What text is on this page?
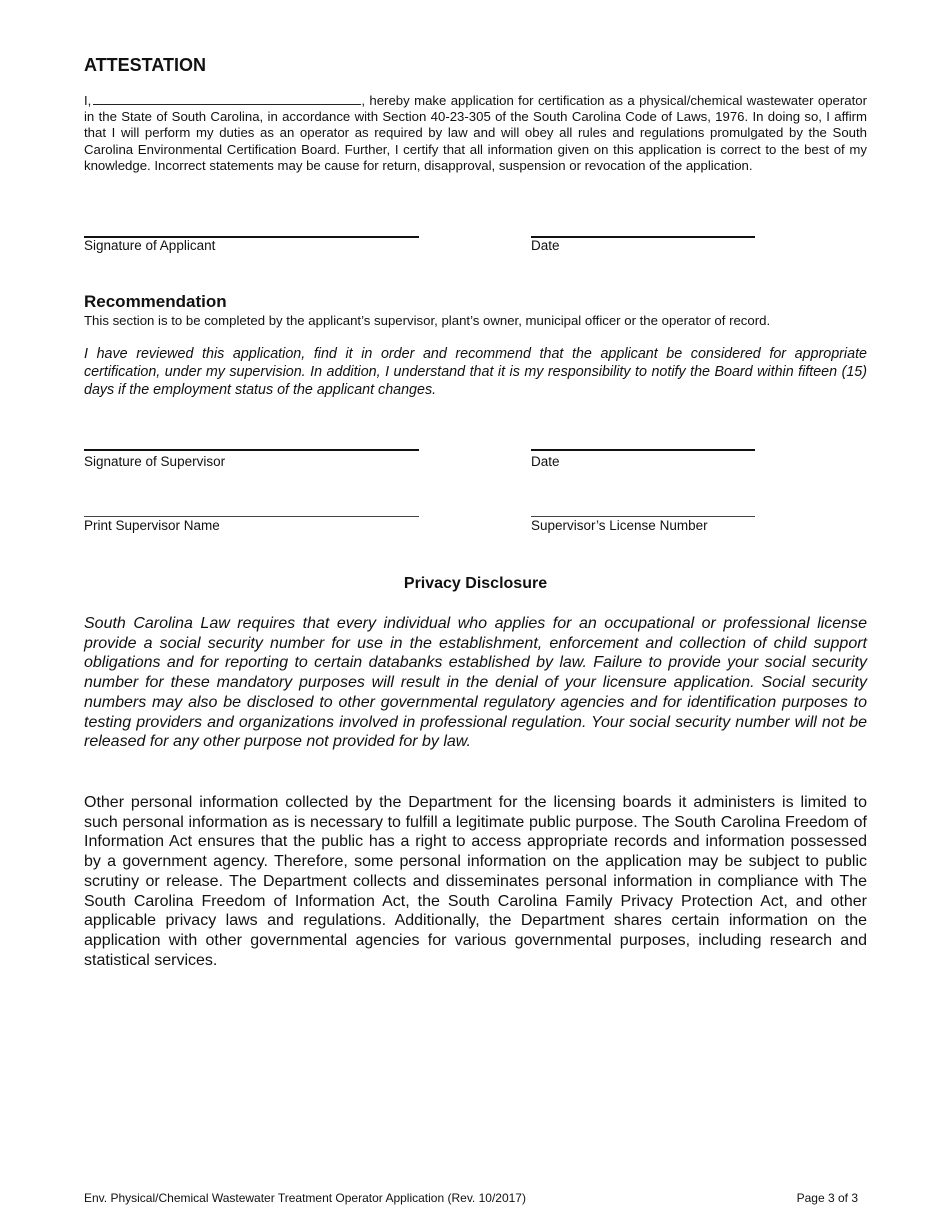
ATTESTATION

I,	, hereby make application for certification as a physical/chemical wastewater operator in the State of South Carolina, in accordance with Section 40-23-305 of the South Carolina Code of Laws, 1976. In doing so, I affirm that I will perform my duties as an operator as required by law and will obey all rules and regulations promulgated by the South Carolina Environmental Certification Board. Further, I certify that all information given on this application is correct to the best of my knowledge. Incorrect statements may be cause for return, disapproval, suspension or revocation of the application.

Signature of Applicant	Date
Recommendation

This section is to be completed by the applicant’s supervisor, plant’s owner, municipal officer or the operator of record.

I have reviewed this application, find it in order and recommend that the applicant be considered for appropriate certification, under my supervision. In addition, I understand that it is my responsibility to notify the Board within fifteen (15) days if the employment status of the applicant changes.

Signature of Supervisor	Date
Print Supervisor Name	Supervisor’s License Number
Privacy Disclosure

South Carolina Law requires that every individual who applies for an occupational or professional license provide a social security number for use in the establishment, enforcement and collection of child support obligations and for reporting to certain databanks established by law. Failure to provide your social security number for these mandatory purposes will result in the denial of your licensure application. Social security numbers may also be disclosed to other governmental regulatory agencies and for identification purposes to testing providers and organizations involved in professional regulation. Your social security number will not be released for any other purpose not provided for by law.

Other personal information collected by the Department for the licensing boards it administers is limited to such personal information as is necessary to fulfill a legitimate public purpose. The South Carolina Freedom of Information Act ensures that the public has a right to access appropriate records and information possessed by a government agency. Therefore, some personal information on the application may be subject to public scrutiny or release. The Department collects and disseminates personal information in compliance with The South Carolina Freedom of Information Act, the South Carolina Family Privacy Protection Act, and other applicable privacy laws and regulations. Additionally, the Department shares certain information on the application with other governmental agencies for various governmental purposes, including research and statistical services.

Env. Physical/Chemical Wastewater Treatment Operator Application (Rev. 10/2017)	Page 3 of 3
